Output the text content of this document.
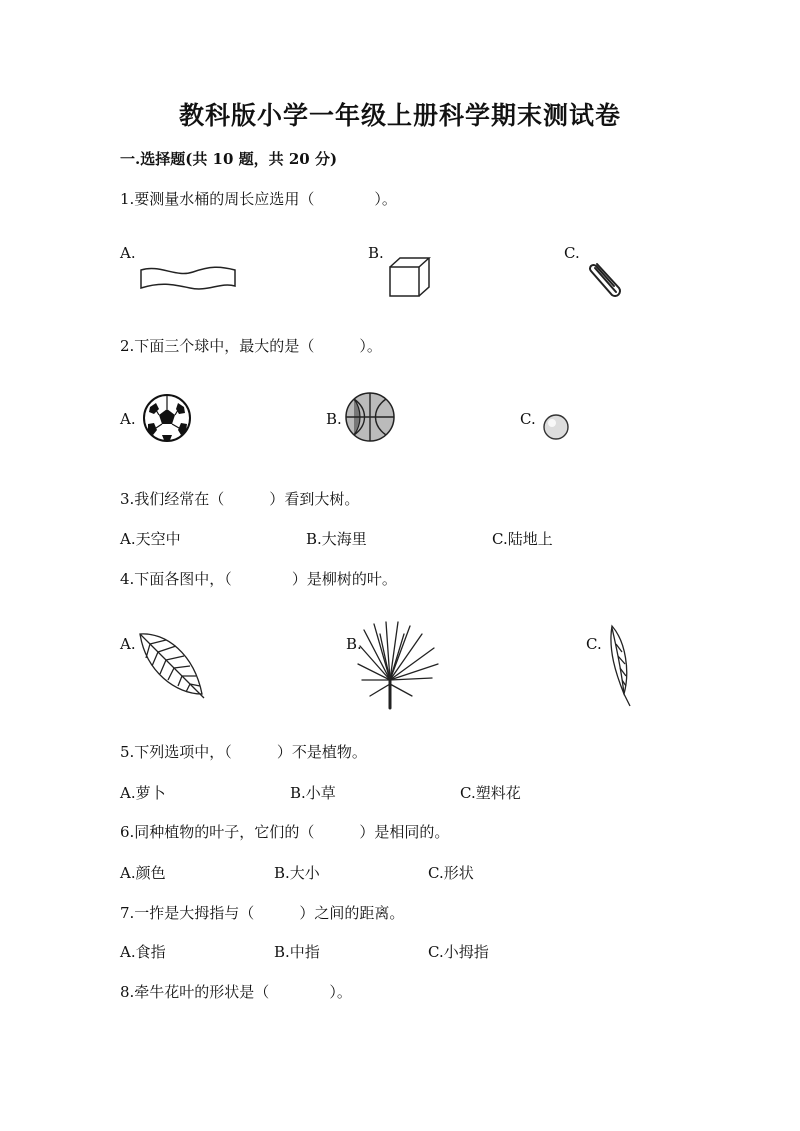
教科版小学一年级上册科学期末测试卷
一.选择题(共 10 题，共 20 分)
1.要测量水桶的周长应选用（　　　　）。
A.	B.	C.
2.下面三个球中，最大的是（　　　）。
A.	B.	C.
3.我们经常在（　　　）看到大树。
A.天空中	B.大海里	C.陆地上
4.下面各图中，（　　　　）是柳树的叶。
A.	B.	C.
5.下列选项中，（　　　）不是植物。
A.萝卜	B.小草	C.塑料花
6.同种植物的叶子，它们的（　　　）是相同的。
A.颜色	B.大小	C.形状
7.一拃是大拇指与（　　　）之间的距离。
A.食指	B.中指	C.小拇指
8.牵牛花叶的形状是（　　　　）。
